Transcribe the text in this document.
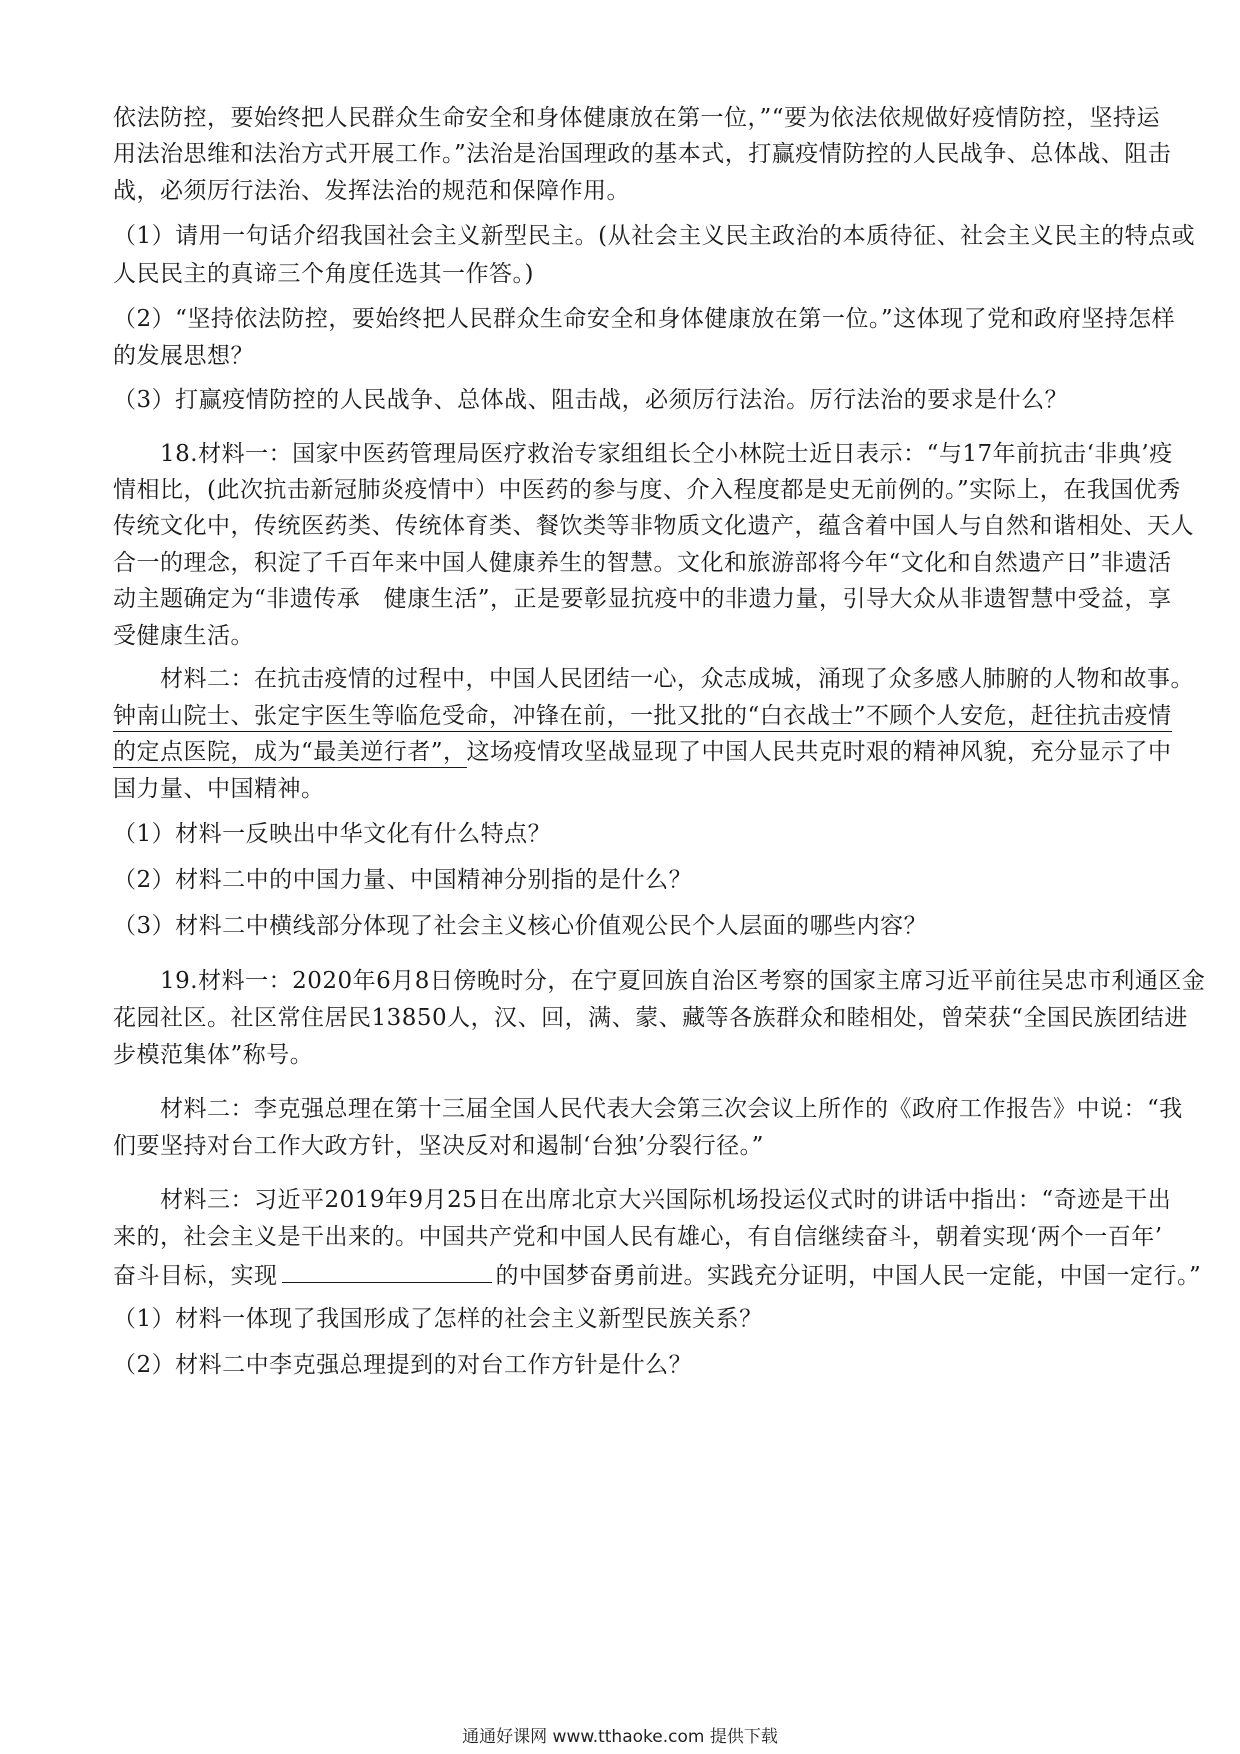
依法防控，要始终把人民群众生命安全和身体健康放在第一位，”“要为依法依规做好疫情防控，坚持运
用法治思维和法治方式开展工作。”法治是治国理政的基本式，打赢疫情防控的人民战争、总体战、阻击
战，必须厉行法治、发挥法治的规范和保障作用。
（1）请用一句话介绍我国社会主义新型民主。(从社会主义民主政治的本质待征、社会主义民主的特点或
人民民主的真谛三个角度任选其一作答。)
（2）“坚持依法防控，要始终把人民群众生命安全和身体健康放在第一位。”这体现了党和政府坚持怎样
的发展思想？
（3）打赢疫情防控的人民战争、总体战、阻击战，必须厉行法治。厉行法治的要求是什么？
18.材料一：国家中医药管理局医疗救治专家组组长仝小林院士近日表示：“与17年前抗击‘非典’疫
情相比，(此次抗击新冠肺炎疫情中）中医药的参与度、介入程度都是史无前例的。”实际上，在我国优秀
传统文化中，传统医药类、传统体育类、餐饮类等非物质文化遗产，蕴含着中国人与自然和谐相处、天人
合一的理念，积淀了千百年来中国人健康养生的智慧。文化和旅游部将今年“文化和自然遗产日”非遗活
动主题确定为“非遗传承　健康生活”，正是要彰显抗疫中的非遗力量，引导大众从非遗智慧中受益，享
受健康生活。
材料二：在抗击疫情的过程中，中国人民团结一心，众志成城，涌现了众多感人肺腑的人物和故事。
钟南山院士、张定宇医生等临危受命，冲锋在前，一批又批的“白衣战士”不顾个人安危，赶往抗击疫情
的定点医院，成为“最美逆行者”，这场疫情攻坚战显现了中国人民共克时艰的精神风貌，充分显示了中
国力量、中国精神。
（1）材料一反映出中华文化有什么特点？
（2）材料二中的中国力量、中国精神分别指的是什么？
（3）材料二中横线部分体现了社会主义核心价值观公民个人层面的哪些内容？
19.材料一：2020年6月8日傍晚时分，在宁夏回族自治区考察的国家主席习近平前往吴忠市利通区金
花园社区。社区常住居民13850人，汉、回，满、蒙、藏等各族群众和睦相处，曾荣获“全国民族团结进
步模范集体”称号。
材料二：李克强总理在第十三届全国人民代表大会第三次会议上所作的《政府工作报告》中说：“我
们要坚持对台工作大政方针，坚决反对和遏制‘台独’分裂行径。”
材料三：习近平2019年9月25日在出席北京大兴国际机场投运仪式时的讲话中指出：“奇迹是干出
来的，社会主义是干出来的。中国共产党和中国人民有雄心，有自信继续奋斗，朝着实现‘两个一百年’
奋斗目标，实现	的中国梦奋勇前进。实践充分证明，中国人民一定能，中国一定行。”
（1）材料一体现了我国形成了怎样的社会主义新型民族关系？
（2）材料二中李克强总理提到的对台工作方针是什么？
通通好课网 www.tthaoke.com 提供下载
